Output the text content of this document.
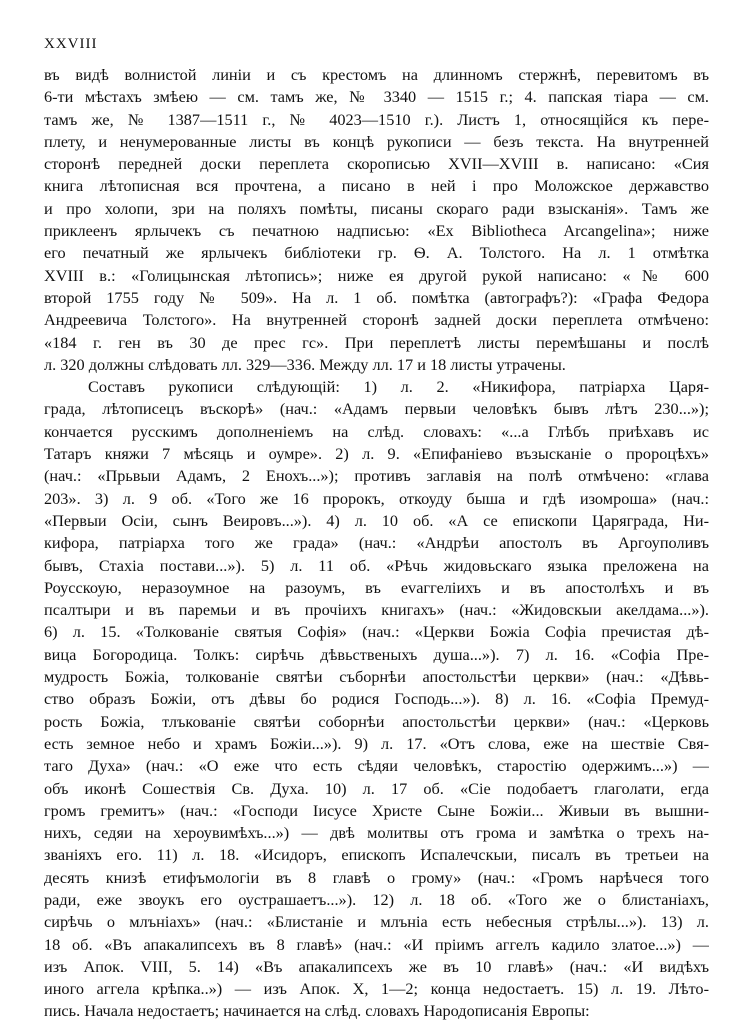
XXVIII
въ видѣ волнистой линіи и съ крестомъ на длинномъ стержнѣ, перевитомъ въ
6-ти мѣстахъ змѣею — см. тамъ же, № 3340 — 1515 г.; 4. папская тіара — см.
тамъ же, № 1387—1511 г., № 4023—1510 г.). Листъ 1, относящійся къ пере-
плету, и ненумерованные листы въ концѣ рукописи — безъ текста. На внутренней
сторонѣ передней доски переплета скорописью XVII—XVIII в. написано: «Сия
книга лѣтописная вся прочтена, а писано в ней і про Моложское державство
и про холопи, зри на поляхъ помѣты, писаны скораго ради взысканія». Тамъ же
приклеенъ ярлычекъ съ печатною надписью: «Ex Bibliotheca Arcangelina»; ниже
его печатный же ярлычекъ библіотеки гр. Ѳ. А. Толстого. На л. 1 отмѣтка
XVIII в.: «Голицынская лѣтопись»; ниже ея другой рукой написано: «№ 600
второй 1755 году № 509». На л. 1 об. помѣтка (автографъ?): «Графа Федора
Андреевича Толстого». На внутренней сторонѣ задней доски переплета отмѣчено:
«184 г. ген въ 30 де прес гс». При переплетѣ листы перемѣшаны и послѣ
л. 320 должны слѣдовать лл. 329—336. Между лл. 17 и 18 листы утрачены.
Составъ рукописи слѣдующій: 1) л. 2. «Никифора, патріарха Царя-
града, лѣтописецъ въскорѣ» (нач.: «Адамъ первыи человѣкъ бывъ лѣтъ 230...»);
кончается русскимъ дополненіемъ на слѣд. словахъ: «...а Глѣбъ приѣхавъ ис
Татаръ княжи 7 мѣсяць и оумре». 2) л. 9. «Епифаніево възысканіе о пророцѣхъ»
(нач.: «Прьвыи Адамъ, 2 Енохъ...»); противъ заглавія на полѣ отмѣчено: «глава
203». 3) л. 9 об. «Того же 16 пророкъ, откоуду быша и гдѣ изомроша» (нач.:
«Первыи Осіи, сынъ Веировъ...»). 4) л. 10 об. «А се епископи Царяграда, Ни-
кифора, патріарха того же града» (нач.: «Андрѣи апостолъ въ Аргоуполивъ
бывъ, Стахіа постави...»). 5) л. 11 об. «Рѣчь жидовьскаго языка преложена на
Роусскоую, неразоумное на разоумъ, въ еvаггеліихъ и въ апостолѣхъ и въ
псалтыри и въ паремьи и въ прочіихъ книгахъ» (нач.: «Жидовскыи акелдама...»).
6) л. 15. «Толкованіе святыя Софія» (нач.: «Церкви Божіа Софіа пречистая дѣ-
вица Богородица. Толкъ: сирѣчь дѣвьственыхъ душа...»). 7) л. 16. «Софіа Пре-
мудрость Божіа, толкованіе святѣи съборнѣи апостольстѣи церкви» (нач.: «Дѣвь-
ство образъ Божіи, отъ дѣвы бо родися Господь...»). 8) л. 16. «Софіа Премуд-
рость Божіа, тлъкованіе святѣи соборнѣи апостольстѣи церкви» (нач.: «Церковь
есть земное небо и храмъ Божіи...»). 9) л. 17. «Отъ слова, еже на шествіе Свя-
таго Духа» (нач.: «О еже что есть сѣдяи человѣкъ, старостію одержимъ...») —
объ иконѣ Сошествія Св. Духа. 10) л. 17 об. «Сіе подобаетъ глаголати, егда
громъ гремитъ» (нач.: «Господи Іисусе Христе Сыне Божіи... Живыи въ вышни-
нихъ, седяи на хероувимѣхъ...») — двѣ молитвы отъ грома и замѣтка о трехъ на-
званіяхъ его. 11) л. 18. «Исидоръ, епископъ Испалечскыи, писалъ въ третьеи на
десять книзѣ етифъмологіи въ 8 главѣ о грому» (нач.: «Громъ нарѣчеся того
ради, еже звоукъ его оустрашаетъ...»). 12) л. 18 об. «Того же о блистаніахъ,
сирѣчь о млъніахъ» (нач.: «Блистаніе и млъніа есть небесныя стрѣлы...»). 13) л.
18 об. «Въ апакалипсехъ въ 8 главѣ» (нач.: «И пріимъ аггелъ кадило златое...») —
изъ Апок. VIII, 5. 14) «Въ апакалипсехъ же въ 10 главѣ» (нач.: «И видѣхъ
иного аггела крѣпка..») — изъ Апок. X, 1—2; конца недостаетъ. 15) л. 19. Лѣто-
пись. Начала недостаетъ; начинается на слѣд. словахъ Народописанія Европы:
